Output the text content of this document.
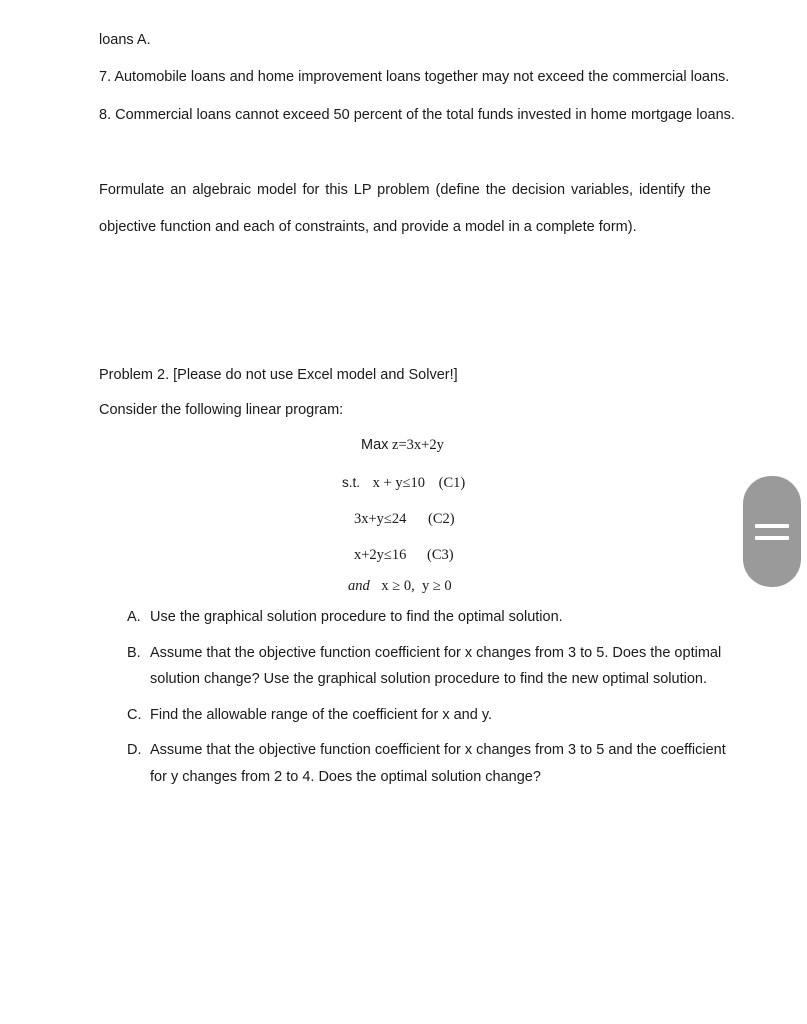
loans A.
7. Automobile loans and home improvement loans together may not exceed the commercial loans.
8. Commercial loans cannot exceed 50 percent of the total funds invested in home mortgage loans.
Formulate an algebraic model for this LP problem (define the decision variables, identify the
objective function and each of constraints, and provide a model in a complete form).
Problem 2. [Please do not use Excel model and Solver!]
Consider the following linear program:
Max z=3x+2y
s.t. x + y≤10 (C1)
3x+y≤24 (C2)
x+2y≤16 (C3)
and x ≥ 0,  y ≥ 0
A. Use the graphical solution procedure to find the optimal solution.
B. Assume that the objective function coefficient for x changes from 3 to 5. Does the optimal
solution change? Use the graphical solution procedure to find the new optimal solution.
C. Find the allowable range of the coefficient for x and y.
D. Assume that the objective function coefficient for x changes from 3 to 5 and the coefficient
for y changes from 2 to 4. Does the optimal solution change?
